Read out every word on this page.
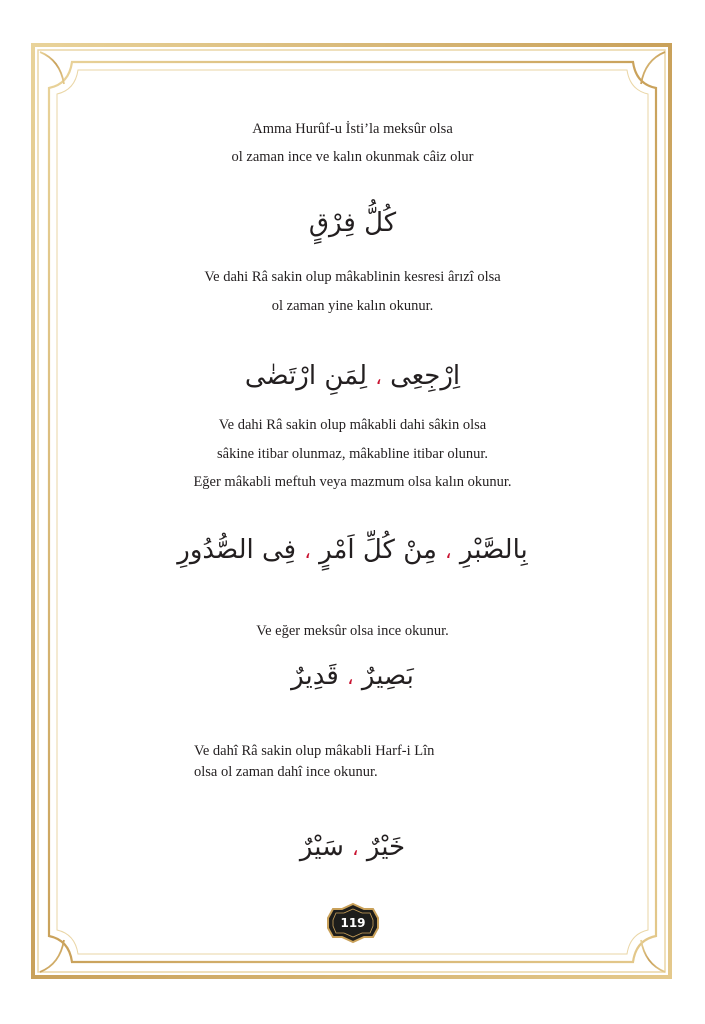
Amma Hurûf-u İsti’la meksûr olsa
ol zaman ince ve kalın okunmak câiz olur
كُلُّ فِرْقٍ
Ve dahi Râ sakin olup mâkablinin kesresi ârızî olsa
ol zaman yine kalın okunur.
اِرْجِعِى ، لِمَنِ ارْتَضٰى
Ve dahi Râ sakin olup mâkabli dahi sâkin olsa
sâkine itibar olunmaz, mâkabline itibar olunur.
Eğer mâkabli meftuh veya mazmum olsa kalın okunur.
بِالصَّبْرِ ، مِنْ كُلِّ اَمْرٍ ، فِى الصُّدُورِ
Ve eğer meksûr olsa ince okunur.
بَصِيرٌ ، قَدِيرٌ
Ve dahî Râ sakin olup mâkabli Harf-i Lîn
olsa ol zaman dahî ince okunur.
خَيْرٌ ، سَيْرٌ
119
